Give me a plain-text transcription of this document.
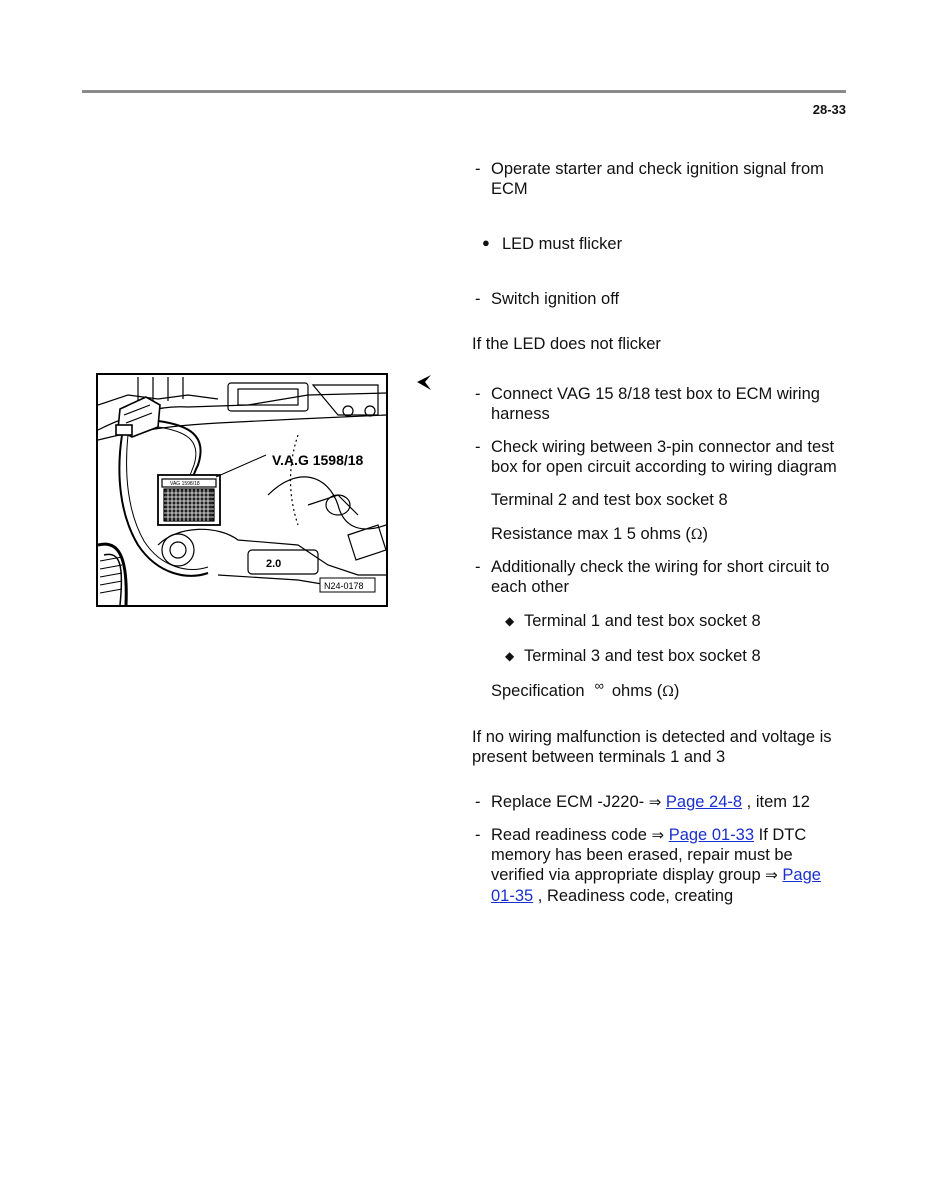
28-33
V.A.G 1598/18
VAG 1598/18
2.0
N24-0178
- Operate starter and check ignition signal from
ECM
● LED must flicker
- Switch ignition off
If the LED does not flicker
- Connect VAG 15 8/18 test box to ECM wiring
harness
- Check wiring between 3-pin connector and test
box for open circuit according to wiring diagram
Terminal 2 and test box socket 8
Resistance max 1 5 ohms (Ω)
- Additionally check the wiring for short circuit to
each other
◆ Terminal 1 and test box socket 8
◆ Terminal 3 and test box socket 8
Specification ∞ ohms (Ω)
If no wiring malfunction is detected and voltage is
present between terminals 1 and 3
- Replace ECM -J220- ⇒ Page 24-8 , item 12
- Read readiness code ⇒ Page 01-33 If DTC
memory has been erased, repair must be
verified via appropriate display group ⇒ Page
01-35 , Readiness code, creating
